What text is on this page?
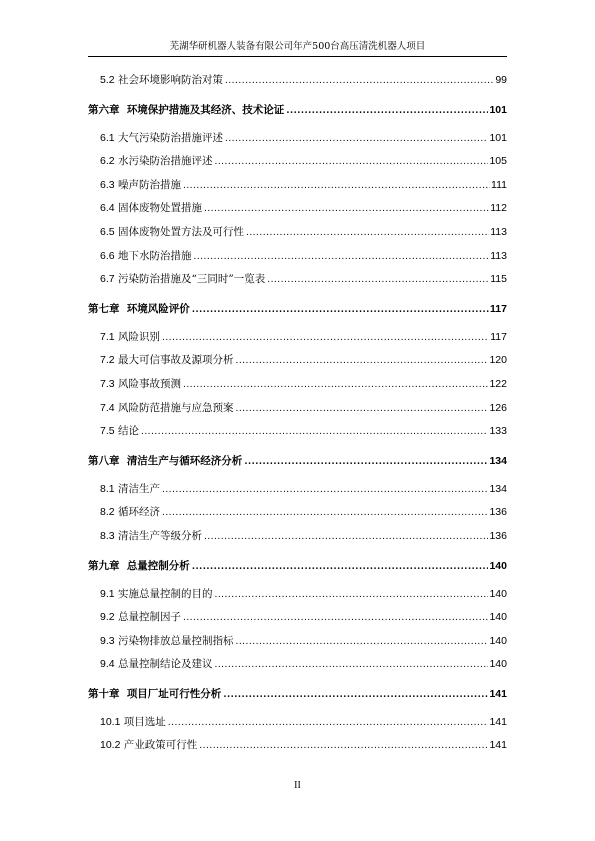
芜湖华研机器人装备有限公司年产500台高压清洗机器人项目
5.2 社会环境影响防治对策 .....	99
第六章 环境保护措施及其经济、技术论证 .....	101
6.1 大气污染防治措施评述 .....	101
6.2 水污染防治措施评述 .....	105
6.3 噪声防治措施 .....	111
6.4 固体废物处置措施 .....	112
6.5 固体废物处置方法及可行性 .....	113
6.6 地下水防治措施 .....	113
6.7 污染防治措施及“三同时”一览表 .....	115
第七章 环境风险评价 .....	117
7.1 风险识别 .....	117
7.2 最大可信事故及源项分析 .....	120
7.3 风险事故预测 .....	122
7.4 风险防范措施与应急预案 .....	126
7.5 结论 .....	133
第八章 清洁生产与循环经济分析 .....	134
8.1 清洁生产 .....	134
8.2 循环经济 .....	136
8.3 清洁生产等级分析 .....	136
第九章 总量控制分析 .....	140
9.1 实施总量控制的目的 .....	140
9.2 总量控制因子 .....	140
9.3 污染物排放总量控制指标 .....	140
9.4 总量控制结论及建议 .....	140
第十章 项目厂址可行性分析 .....	141
10.1 项目选址 .....	141
10.2 产业政策可行性 .....	141
II
